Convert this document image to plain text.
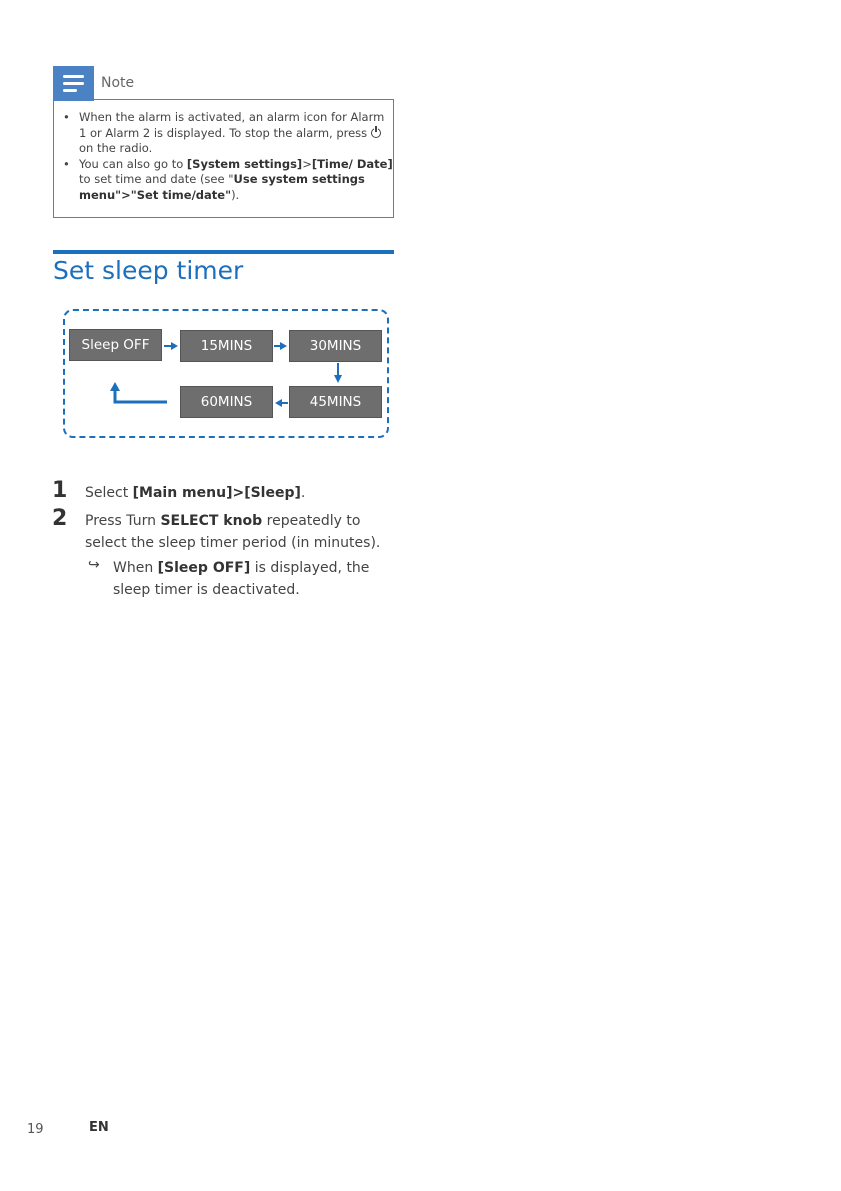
Note
• When the alarm is activated, an alarm icon for Alarm 1 or Alarm 2 is displayed. To stop the alarm, press  on the radio.
• You can also go to [System settings]>[Time/ Date] to set time and date (see "Use system settings menu">"Set time/date").
Set sleep timer
Sleep OFF	15MINS	30MINS
45MINS
60MINS
1 Select [Main menu]>[Sleep].
2 Press Turn SELECT knob repeatedly to select the sleep timer period (in minutes).
↪ When [Sleep OFF] is displayed, the sleep timer is deactivated.
19	EN
